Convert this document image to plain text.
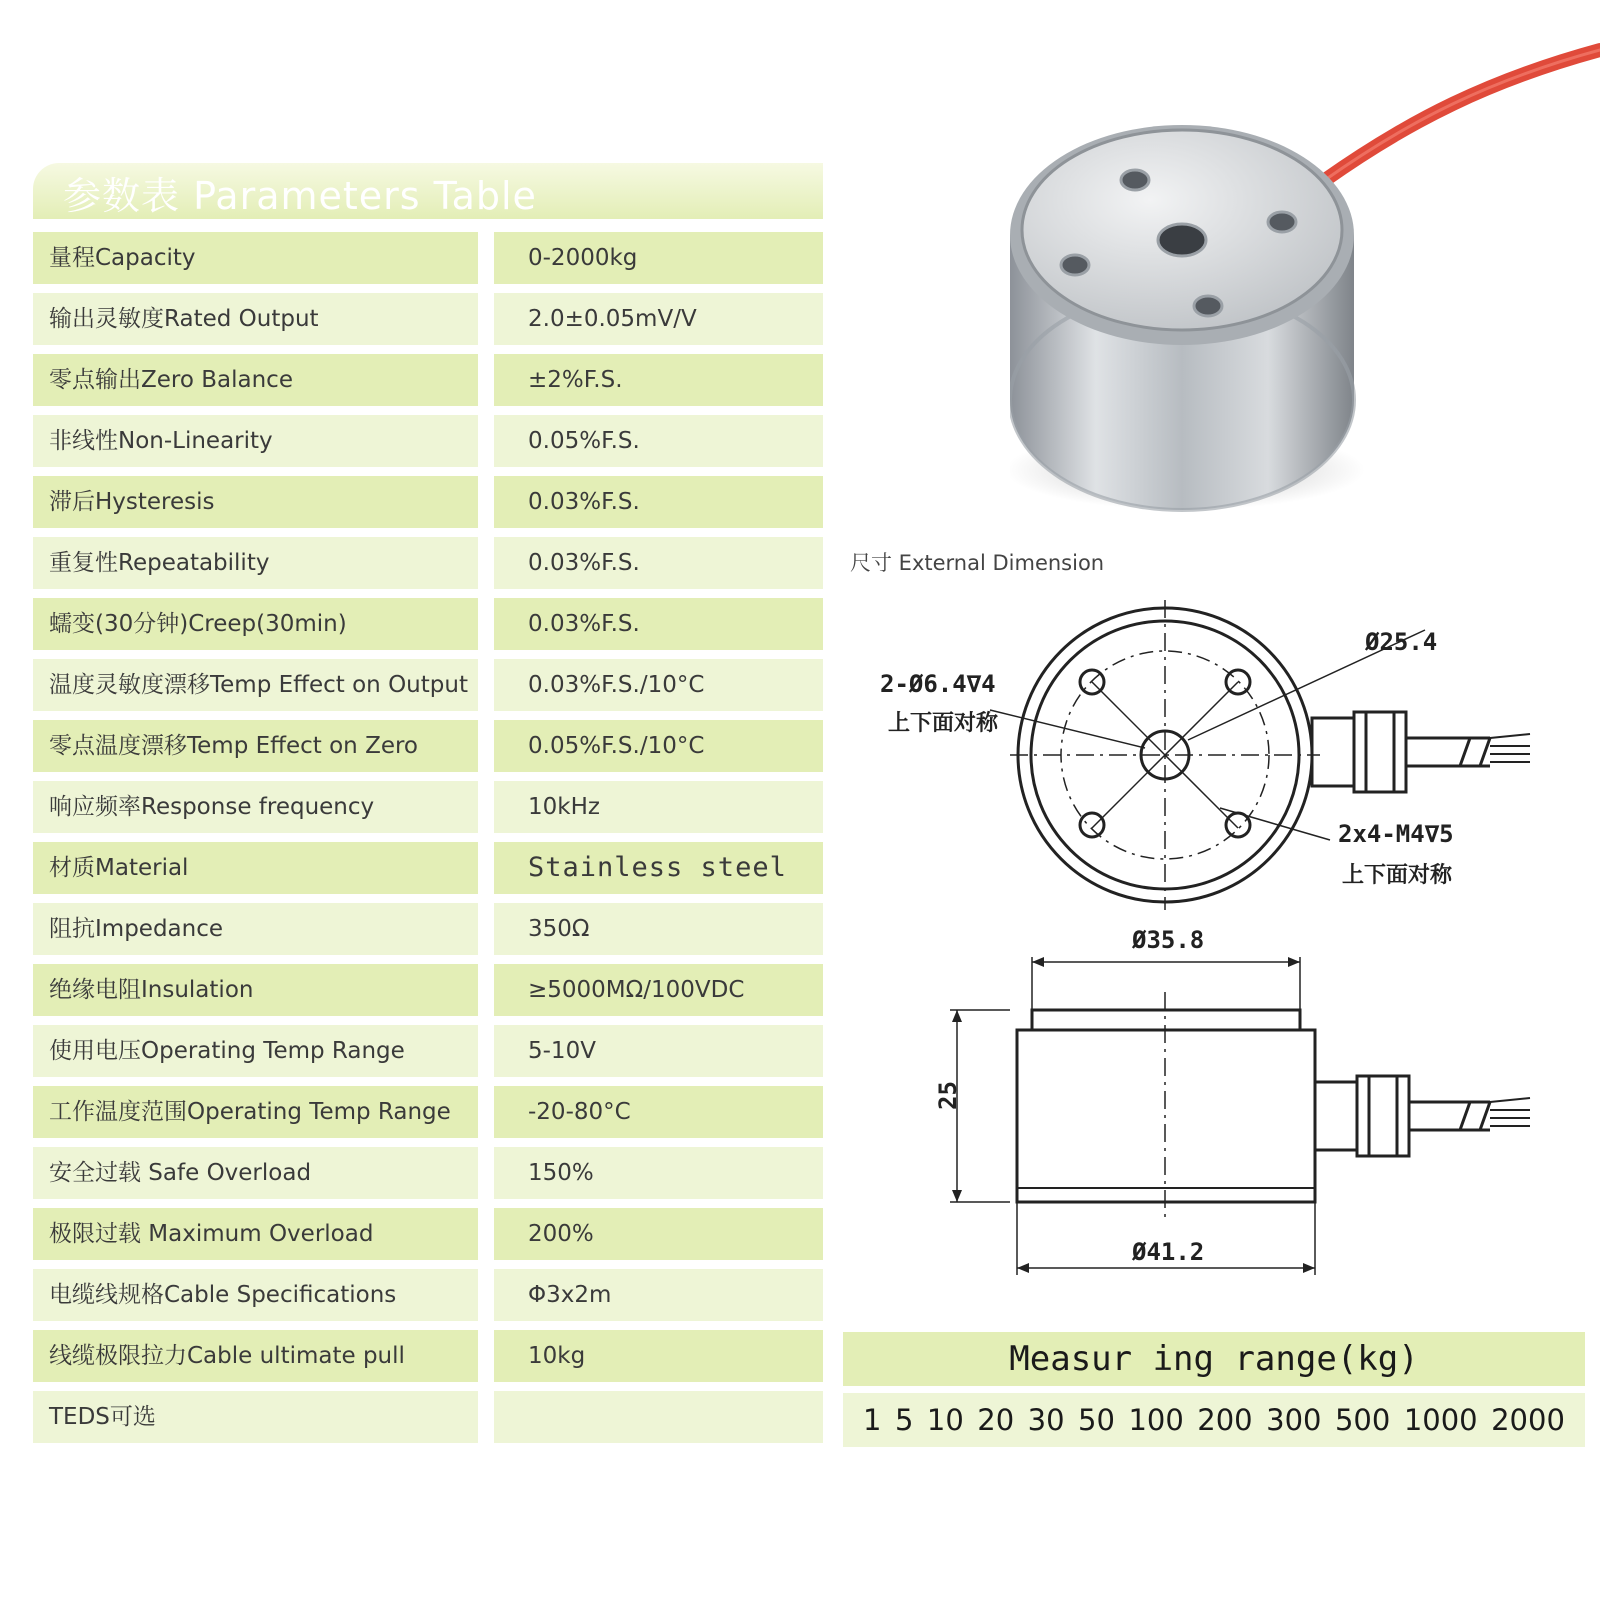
参数表 Parameters Table
量程Capacity	0-2000kg
输出灵敏度Rated Output	2.0±0.05mV/V
零点输出Zero Balance	±2%F.S.
非线性Non-Linearity	0.05%F.S.
滞后Hysteresis	0.03%F.S.
重复性Repeatability	0.03%F.S.
蠕变(30分钟)Creep(30min)	0.03%F.S.
温度灵敏度漂移Temp Effect on Output	0.03%F.S./10°C
零点温度漂移Temp Effect on Zero	0.05%F.S./10°C
响应频率Response frequency	10kHz
材质Material	Stainless steel
阻抗Impedance	350Ω
绝缘电阻Insulation	≥5000MΩ/100VDC
使用电压Operating Temp Range	5-10V
工作温度范围Operating Temp Range	-20-80°C
安全过载 Safe Overload	150%
极限过载 Maximum Overload	200%
电缆线规格Cable Specifications	Φ3x2m
线缆极限拉力Cable ultimate pull	10kg
TEDS可选
尺寸 External Dimension
Ø25.4
2-Ø6.4∇4
上下面对称
2x4-M4∇5
上下面对称
Ø35.8
25
Ø41.2
Measur ing range(kg)
1 5 10 20 30 50 100 200 300 500 1000 2000
